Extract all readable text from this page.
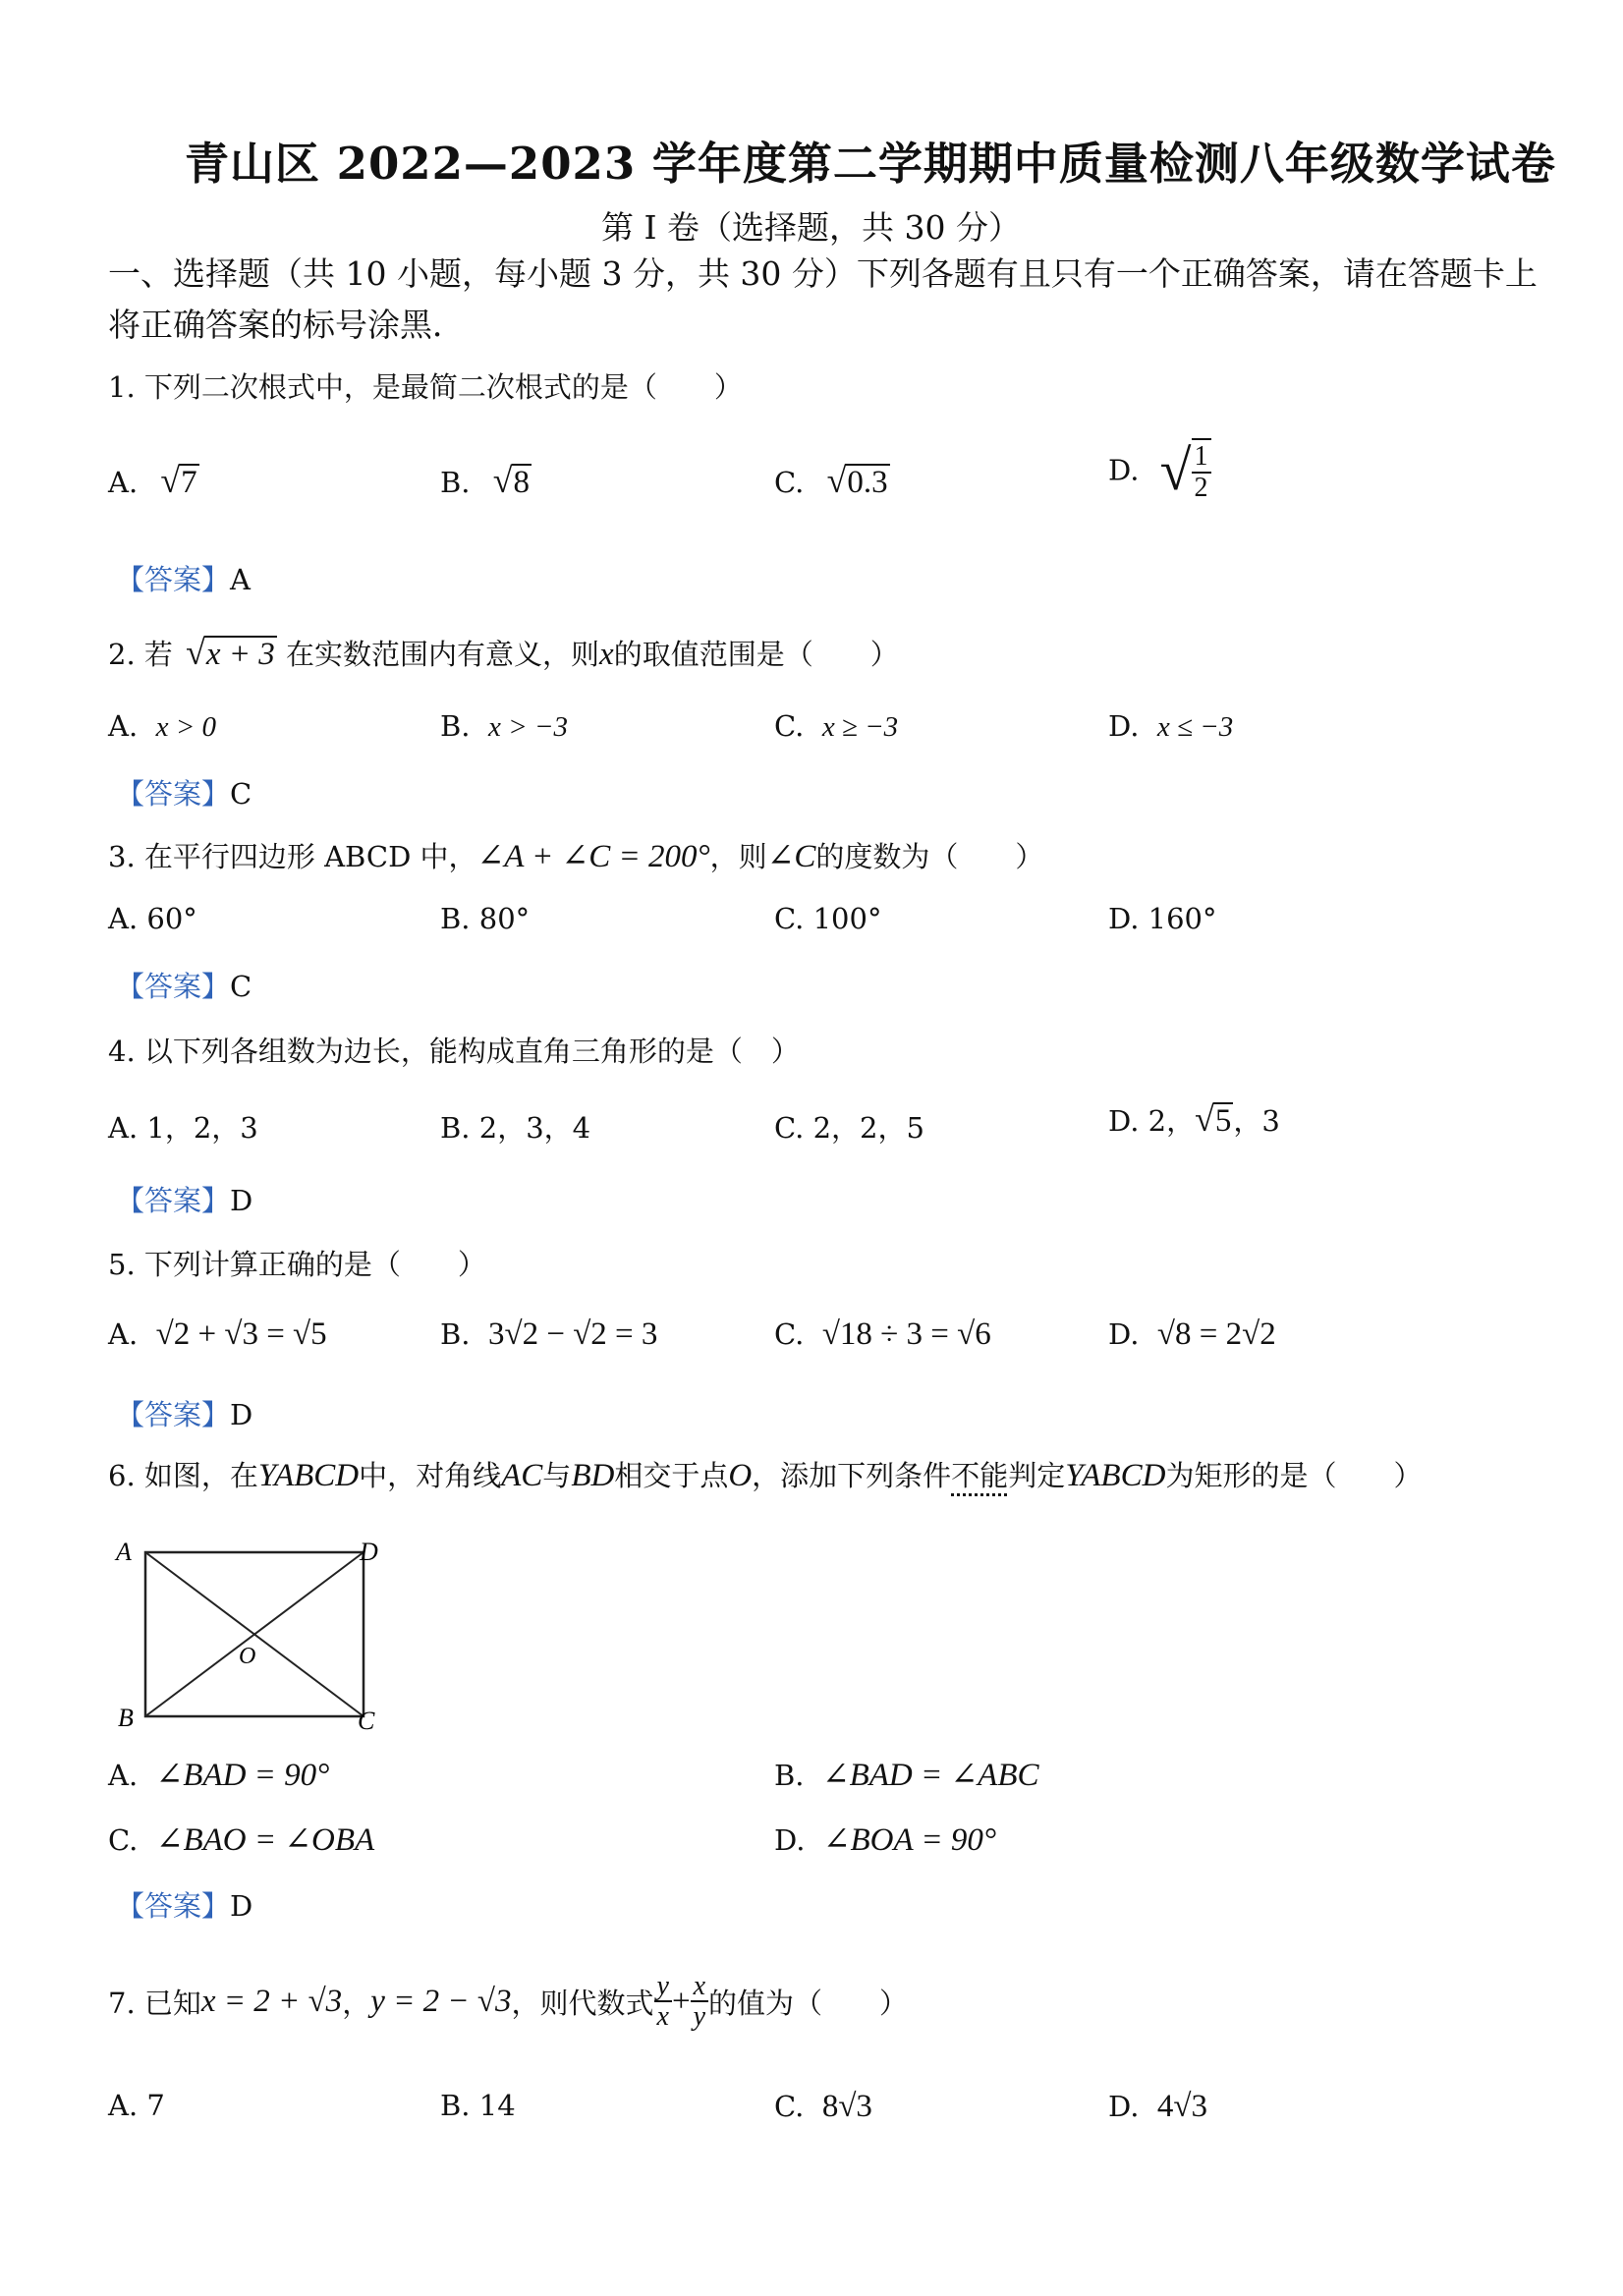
青山区 2022—2023 学年度第二学期期中质量检测八年级数学试卷
第 I 卷（选择题，共 30 分）
一、选择题（共 10 小题，每小题 3 分，共 30 分）下列各题有且只有一个正确答案，请在答题卡上将正确答案的标号涂黑．
1. 下列二次根式中，是最简二次根式的是（　　）
A. √7	B. √8	C. √0.3	D. √ $\frac{1}{2}$
【答案】A
2. 若 √x + 3 在实数范围内有意义，则x的取值范围是（　　）
A. x > 0	B. x > −3	C. x ≥ −3	D. x ≤ −3
【答案】C
3. 在平行四边形 ABCD 中，∠A + ∠C = 200°，则∠C的度数为（　　）
A. 60°	B. 80°	C. 100°	D. 160°
【答案】C
4. 以下列各组数为边长，能构成直角三角形的是（　）
A. 1，2，3	B. 2，3，4	C. 2，2，5	D. 2，√5，3
【答案】D
5. 下列计算正确的是（　　）
A. √2 + √3 = √5	B. 3√2 − √2 = 3	C. √18 ÷ 3 = √6	D. √8 = 2√2
【答案】D
6. 如图，在YABCD中，对角线AC与BD相交于点O，添加下列条件不能判定YABCD为矩形的是（　　）
A
B	C
D
O
A. ∠BAD = 90°	B. ∠BAD = ∠ABC
C. ∠BAO = ∠OBA	D. ∠BOA = 90°
【答案】D
7. 已知x = 2 + √3，y = 2 − √3，则代数式 $\frac{y}{x} + \frac{x}{y}$ 的值为（　　）
A. 7	B. 14	C. 8√3	D. 4√3
